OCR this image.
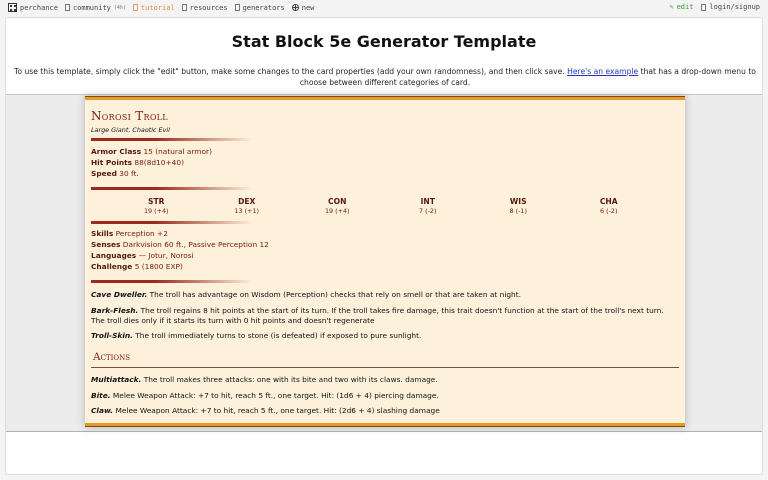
perchance community (4h) tutorial resources generators new	✎ edit login/signup
Stat Block 5e Generator Template
To use this template, simply click the "edit" button, make some changes to the card properties (add your own randomness), and then click save. Here's an example that has a drop-down menu to choose between different categories of card.
Norosi Troll
Large Giant, Chaotic Evil
Armor Class 15 (natural armor)
Hit Points 88(8d10+40)
Speed 30 ft.
STR
19 (+4)
DEX
13 (+1)
CON
19 (+4)
INT
7 (-2)
WIS
8 (-1)
CHA
6 (-2)
Skills Perception +2
Senses Darkvision 60 ft., Passive Perception 12
Languages — Jotur, Norosi
Challenge 5 (1800 EXP)

Cave Dweller. The troll has advantage on Wisdom (Perception) checks that rely on smell or that are taken at night.

Bark-Flesh. The troll regains 8 hit points at the start of its turn. If the troll takes fire damage, this trait doesn't function at the start of the troll's next turn. The troll dies only if it starts its turn with 0 hit points and doesn't regenerate

Troll-Skin. The troll immediately turns to stone (is defeated) if exposed to pure sunlight.

Actions

Multiattack. The troll makes three attacks: one with its bite and two with its claws. damage.

Bite. Melee Weapon Attack: +7 to hit, reach 5 ft., one target. Hit: (1d6 + 4) piercing damage.

Claw. Melee Weapon Attack: +7 to hit, reach 5 ft., one target. Hit: (2d6 + 4) slashing damage
